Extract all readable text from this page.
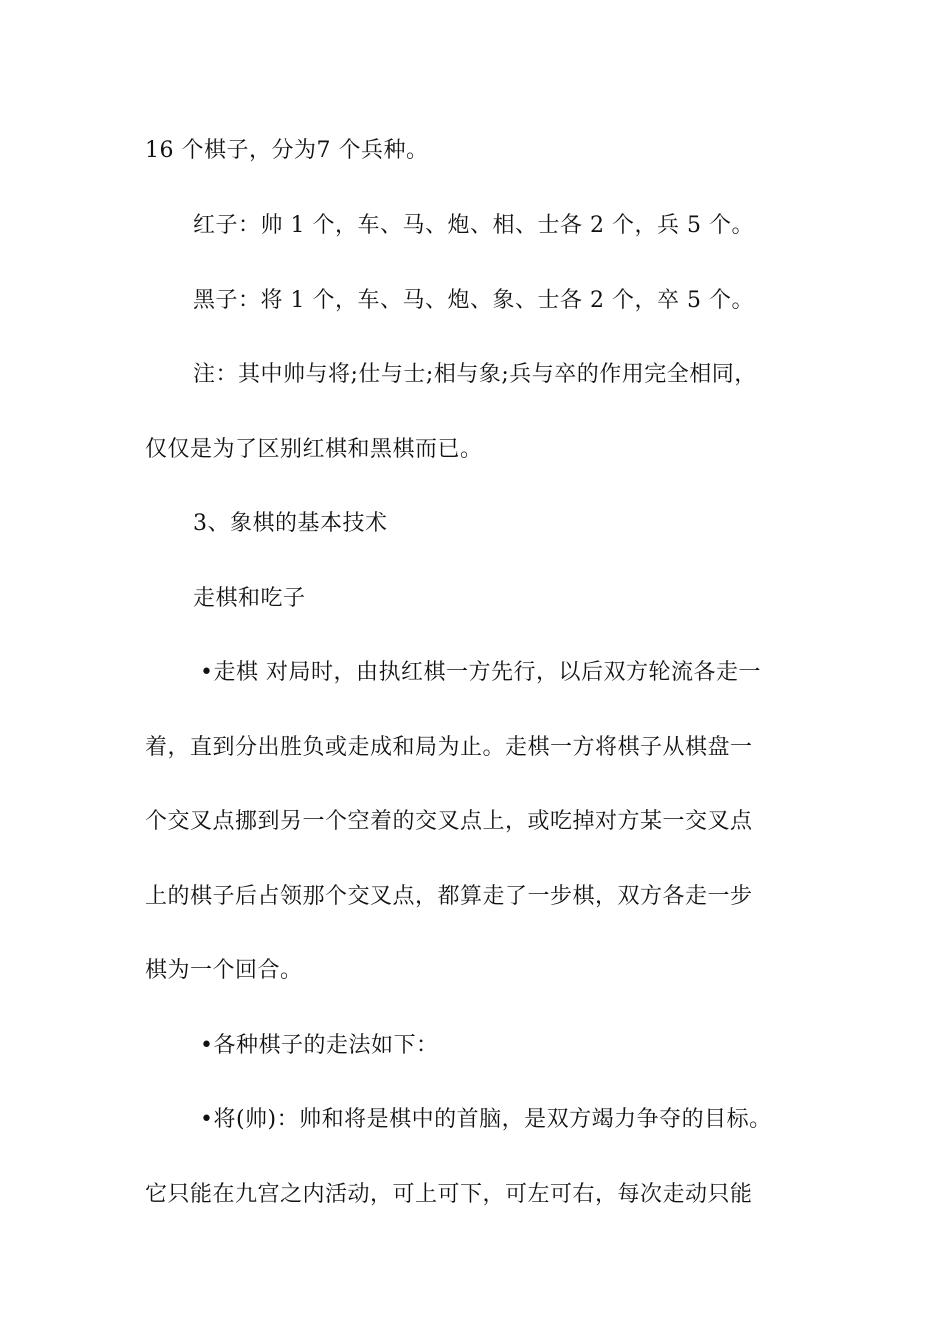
16 个棋子，分为7 个兵种。
红子：帅 1 个，车、马、炮、相、士各 2 个，兵 5 个。
黑子：将 1 个，车、马、炮、象、士各 2 个，卒 5 个。
注：其中帅与将;仕与士;相与象;兵与卒的作用完全相同，
仅仅是为了区别红棋和黑棋而已。
3、象棋的基本技术
走棋和吃子
•走棋 对局时，由执红棋一方先行，以后双方轮流各走一
着，直到分出胜负或走成和局为止。走棋一方将棋子从棋盘一
个交叉点挪到另一个空着的交叉点上，或吃掉对方某一交叉点
上的棋子后占领那个交叉点，都算走了一步棋，双方各走一步
棋为一个回合。
•各种棋子的走法如下：
•将(帅)：帅和将是棋中的首脑，是双方竭力争夺的目标。
它只能在九宫之内活动，可上可下，可左可右，每次走动只能
